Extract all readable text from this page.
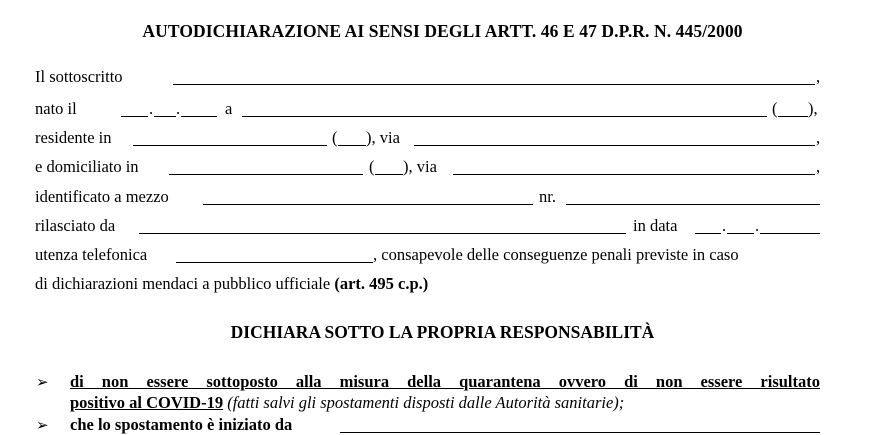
AUTODICHIARAZIONE AI SENSI DEGLI ARTT. 46 E 47 D.P.R. N. 445/2000
Il sottoscritto	,
nato il	. .	a	( ),
residente in	( ), via	,
e domiciliato in	( ), via	,
identificato a mezzo	nr.
rilasciato da	in data	. .
utenza telefonica	, consapevole delle conseguenze penali previste in caso
di dichiarazioni mendaci a pubblico ufficiale (art. 495 c.p.)
DICHIARA SOTTO LA PROPRIA RESPONSABILITÀ
➢ di non essere sottoposto alla misura della quarantena ovvero di non essere risultato
positivo al COVID-19 (fatti salvi gli spostamenti disposti dalle Autorità sanitarie);
➢ che lo spostamento è iniziato da
